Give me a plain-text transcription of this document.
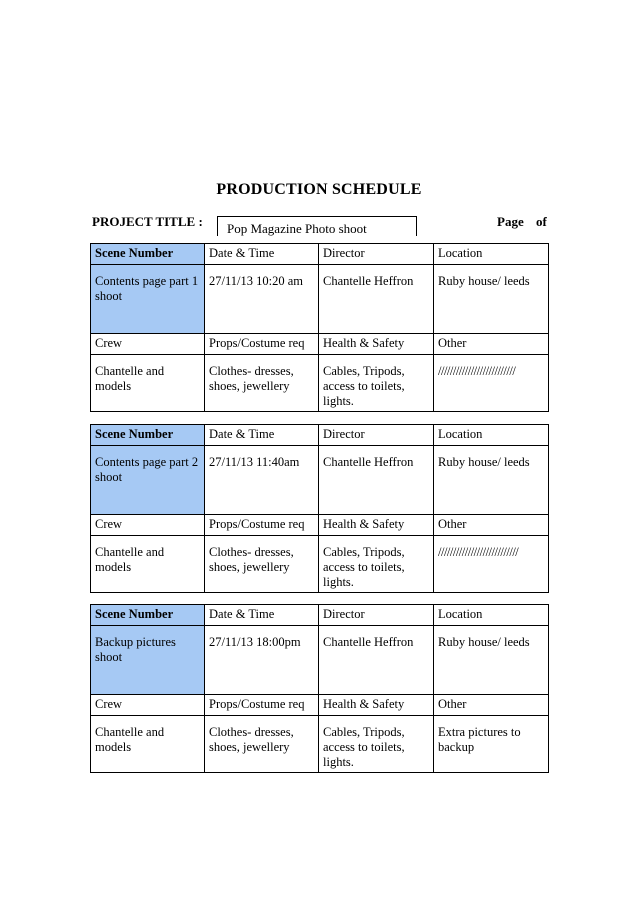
PRODUCTION SCHEDULE
PROJECT TITLE : Pop Magazine Photo shoot	Page of
Scene Number	Date & Time	Director	Location
Contents page part 1 shoot	27/11/13 10:20 am	Chantelle Heffron	Ruby house/ leeds
Crew	Props/Costume req	Health & Safety	Other
Chantelle and models	Clothes- dresses, shoes, jewellery	Cables, Tripods, access to toilets, lights.	//////////////////////////
Scene Number	Date & Time	Director	Location
Contents page part 2 shoot	27/11/13 11:40am	Chantelle Heffron	Ruby house/ leeds
Crew	Props/Costume req	Health & Safety	Other
Chantelle and models	Clothes- dresses, shoes, jewellery	Cables, Tripods, access to toilets, lights.	///////////////////////////
Scene Number	Date & Time	Director	Location
Backup pictures shoot	27/11/13 18:00pm	Chantelle Heffron	Ruby house/ leeds
Crew	Props/Costume req	Health & Safety	Other
Chantelle and models	Clothes- dresses, shoes, jewellery	Cables, Tripods, access to toilets, lights.	Extra pictures to backup
